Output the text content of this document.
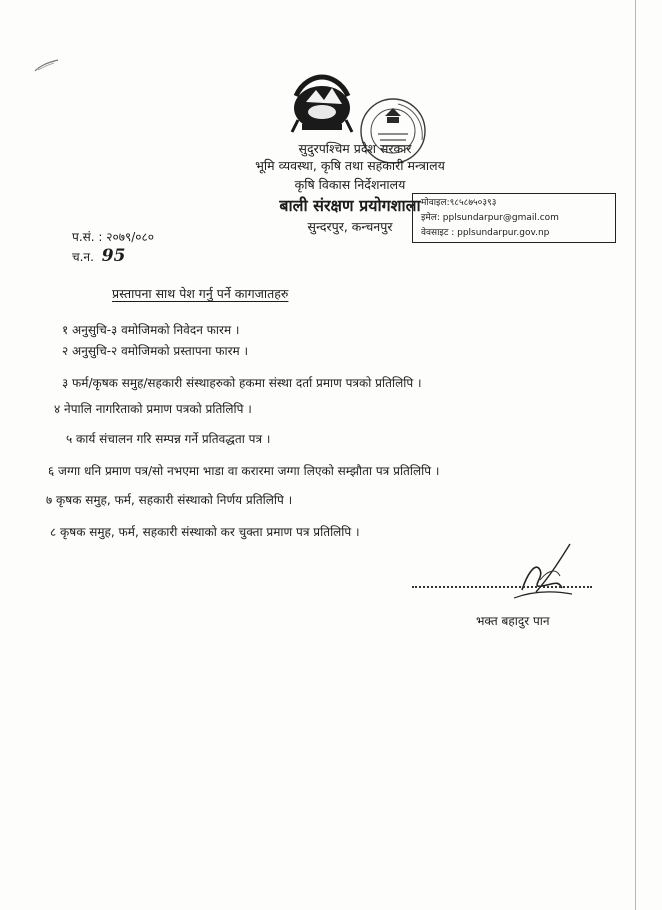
सुदुरपश्चिम प्रदेश सरकार
भूमि व्यवस्था, कृषि तथा सहकारी मन्त्रालय
कृषि विकास निर्देशनालय
बाली संरक्षण प्रयोगशाला
सुन्दरपुर, कन्चनपुर
मोवाइल:९८५८७५०३९३
इमेल: pplsundarpur@gmail.com
वेवसाइट : pplsundarpur.gov.np
प.सं. : २०७९/०८०
च.न. 95
प्रस्तापना साथ पेश गर्नु पर्ने कागजातहरु
१ अनुसुचि-३ वमोजिमको निवेदन फारम ।
२ अनुसुचि-२ वमोजिमको प्रस्तापना फारम ।
३ फर्म/कृषक समुह/सहकारी संस्थाहरुको हकमा संस्था दर्ता प्रमाण पत्रको प्रतिलिपि ।
४ नेपालि नागरिताको प्रमाण पत्रको प्रतिलिपि ।
५ कार्य संचालन गरि सम्पन्न गर्ने प्रतिवद्धता पत्र ।
६ जग्गा धनि प्रमाण पत्र/सो नभएमा भाडा वा करारमा जग्गा लिएको सम्झौता पत्र प्रतिलिपि ।
७ कृषक समुह, फर्म, सहकारी संस्थाको निर्णय प्रतिलिपि ।
८ कृषक समुह, फर्म, सहकारी संस्थाको कर चुक्ता प्रमाण पत्र प्रतिलिपि ।
भक्त बहादुर पान
